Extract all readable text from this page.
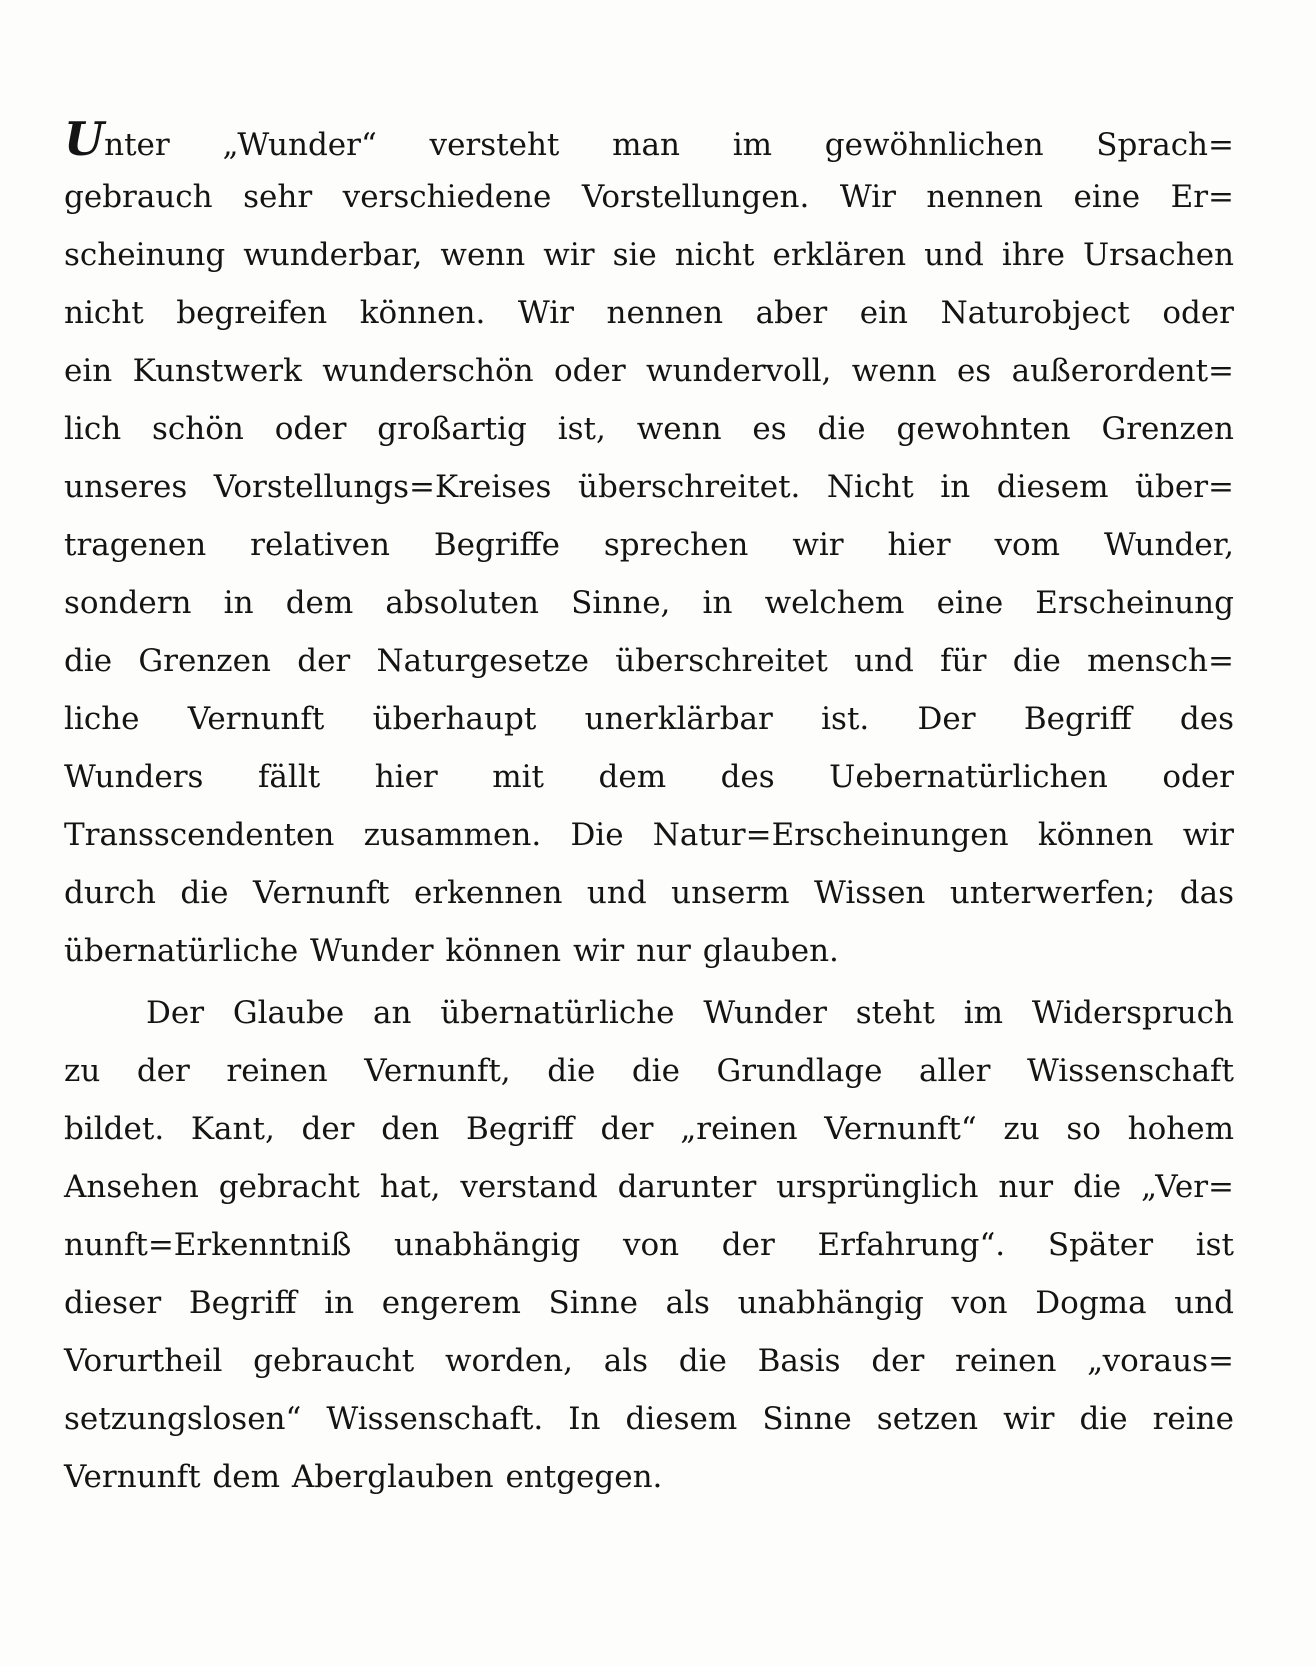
Unter „Wunder“ versteht man im gewöhnlichen Sprach=
gebrauch sehr verschiedene Vorstellungen. Wir nennen eine Er=
scheinung wunderbar, wenn wir sie nicht erklären und ihre Ursachen
nicht begreifen können. Wir nennen aber ein Naturobject oder
ein Kunstwerk wunderschön oder wundervoll, wenn es außerordent=
lich schön oder großartig ist, wenn es die gewohnten Grenzen
unseres Vorstellungs=Kreises überschreitet. Nicht in diesem über=
tragenen relativen Begriffe sprechen wir hier vom Wunder,
sondern in dem absoluten Sinne, in welchem eine Erscheinung
die Grenzen der Naturgesetze überschreitet und für die mensch=
liche Vernunft überhaupt unerklärbar ist. Der Begriff des
Wunders fällt hier mit dem des Uebernatürlichen oder
Transscendenten zusammen. Die Natur=Erscheinungen können wir
durch die Vernunft erkennen und unserm Wissen unterwerfen; das
übernatürliche Wunder können wir nur glauben.
Der Glaube an übernatürliche Wunder steht im Widerspruch
zu der reinen Vernunft, die die Grundlage aller Wissenschaft
bildet. Kant, der den Begriff der „reinen Vernunft“ zu so hohem
Ansehen gebracht hat, verstand darunter ursprünglich nur die „Ver=
nunft=Erkenntniß unabhängig von der Erfahrung“. Später ist
dieser Begriff in engerem Sinne als unabhängig von Dogma und
Vorurtheil gebraucht worden, als die Basis der reinen „voraus=
setzungslosen“ Wissenschaft. In diesem Sinne setzen wir die reine
Vernunft dem Aberglauben entgegen.
